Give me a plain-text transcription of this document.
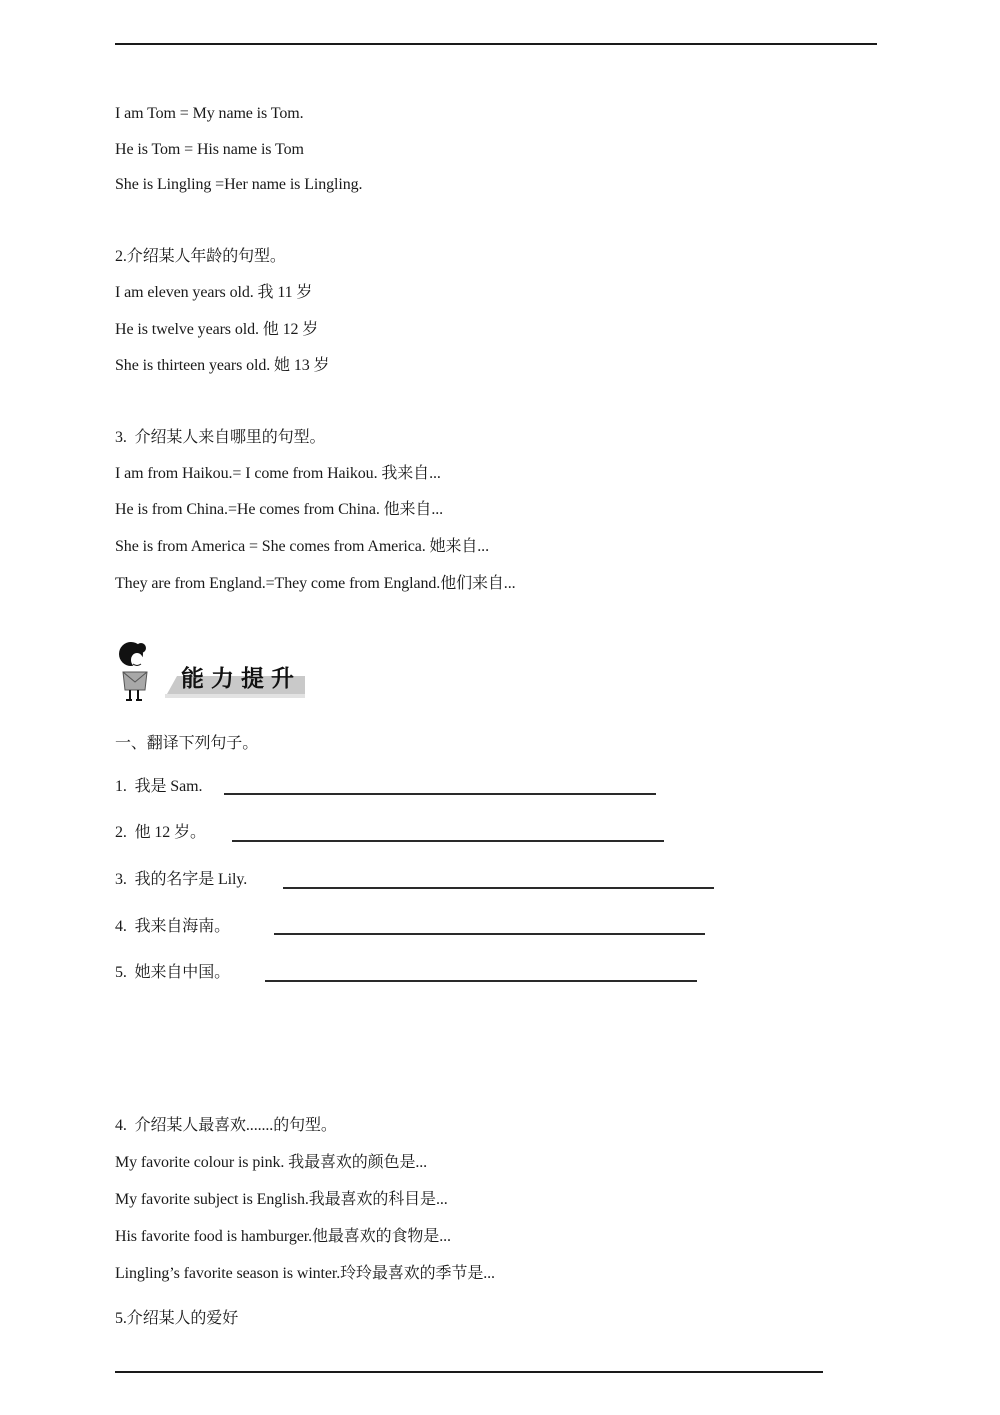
I am Tom = My name is Tom.
He is Tom = His name is Tom
She is Lingling =Her name is Lingling.
2.介绍某人年龄的句型。
I am eleven years old. 我 11 岁
He is twelve years old. 他 12 岁
She is thirteen years old. 她 13 岁
3.  介绍某人来自哪里的句型。
I am from Haikou.= I come from Haikou. 我来自...
He is from China.=He comes from China. 他来自...
She is from America = She comes from America. 她来自...
They are from England.=They come from England.他们来自...
能力提升
一、翻译下列句子。
1.  我是 Sam.
2.  他 12 岁。
3.  我的名字是 Lily.
4.  我来自海南。
5.  她来自中国。
4.  介绍某人最喜欢.......的句型。
My favorite colour is pink. 我最喜欢的颜色是...
My favorite subject is English.我最喜欢的科目是...
His favorite food is hamburger.他最喜欢的食物是...
Lingling’s favorite season is winter.玲玲最喜欢的季节是...
5.介绍某人的爱好
